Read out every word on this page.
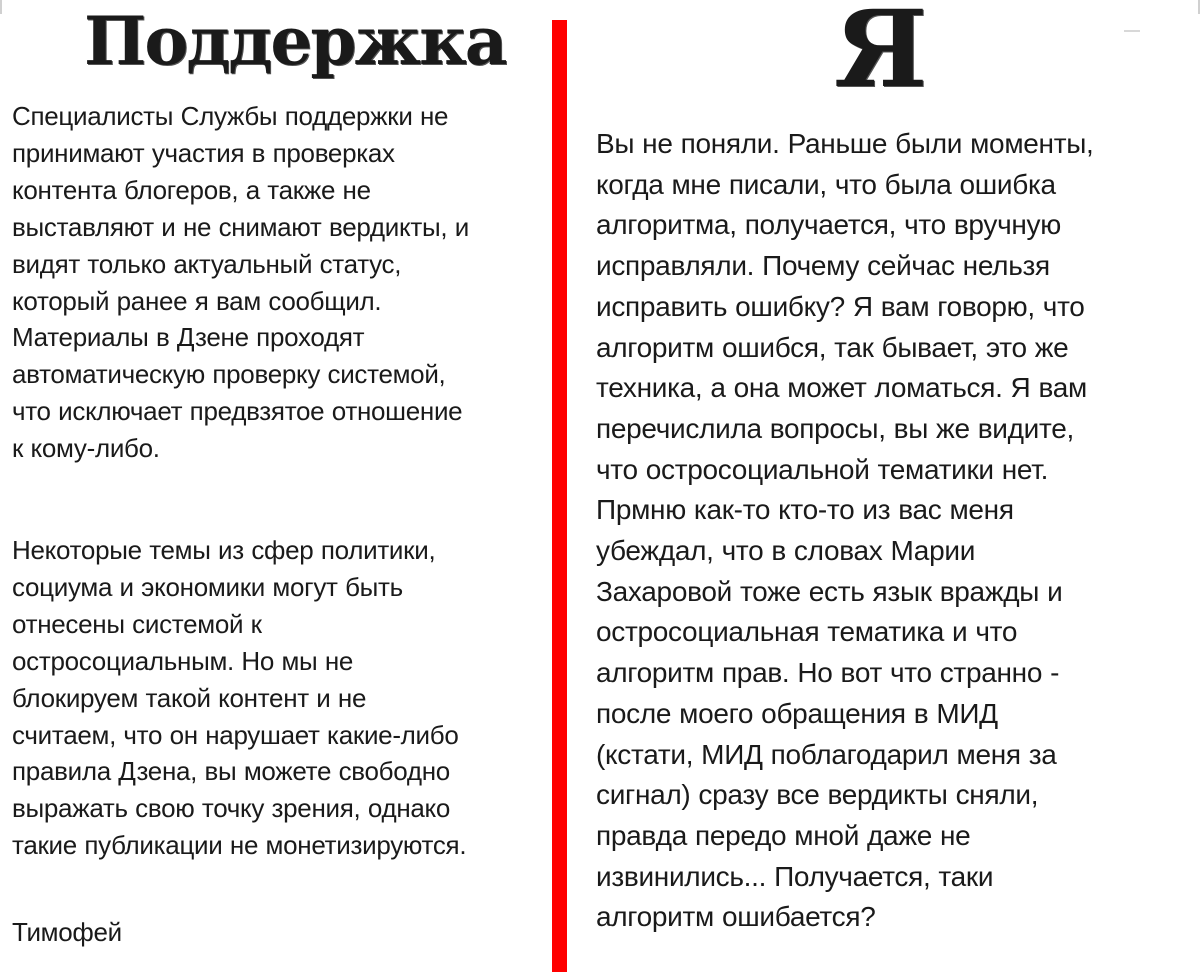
Поддержка

Специалисты Службы поддержки не
принимают участия в проверках
контента блогеров, а также не
выставляют и не снимают вердикты, и
видят только актуальный статус,
который ранее я вам сообщил.
Материалы в Дзене проходят
автоматическую проверку системой,
что исключает предвзятое отношение
к кому-либо.

Некоторые темы из сфер политики,
социума и экономики могут быть
отнесены системой к
остросоциальным. Но мы не
блокируем такой контент и не
считаем, что он нарушает какие-либо
правила Дзена, вы можете свободно
выражать свою точку зрения, однако
такие публикации не монетизируются.

Тимофей

Я

Вы не поняли. Раньше были моменты,
когда мне писали, что была ошибка
алгоритма, получается, что вручную
исправляли. Почему сейчас нельзя
исправить ошибку? Я вам говорю, что
алгоритм ошибся, так бывает, это же
техника, а она может ломаться. Я вам
перечислила вопросы, вы же видите,
что остросоциальной тематики нет.
Прмню как-то кто-то из вас меня
убеждал, что в словах Марии
Захаровой тоже есть язык вражды и
остросоциальная тематика и что
алгоритм прав. Но вот что странно -
после моего обращения в МИД
(кстати, МИД поблагодарил меня за
сигнал) сразу все вердикты сняли,
правда передо мной даже не
извинились... Получается, таки
алгоритм ошибается?
